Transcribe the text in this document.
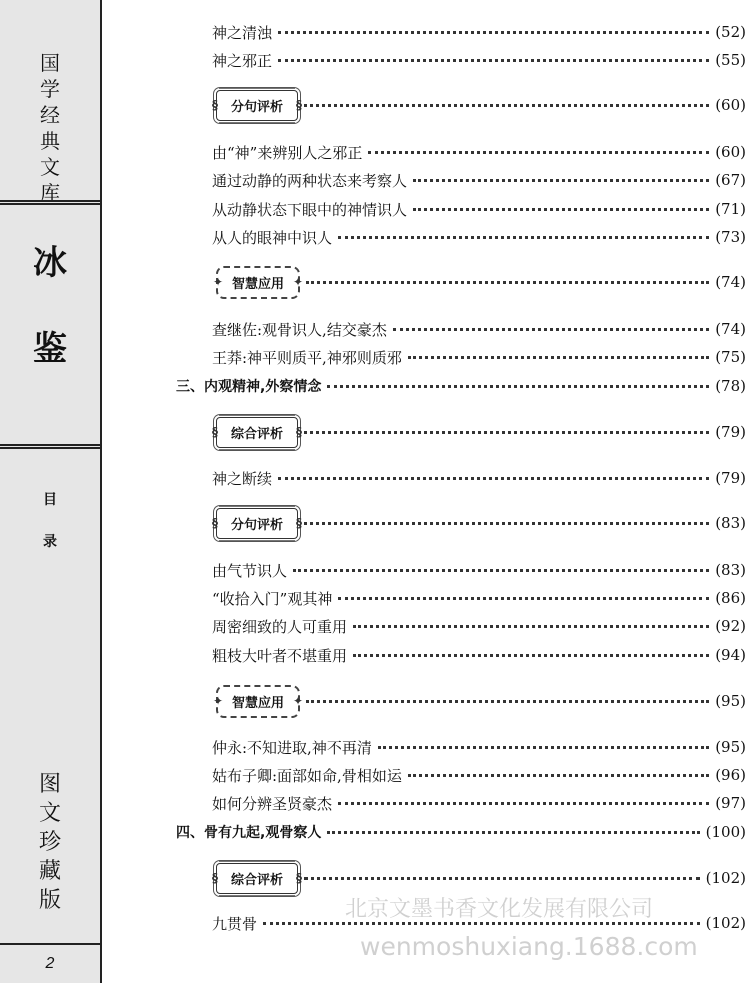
国
学
经
典
文
库
冰
鉴
目
录
图
文
珍
藏
版
2
神之清浊	(52)
神之邪正	(55)
§ 分句评析 §	(60)
由“神”来辨别人之邪正	(60)
通过动静的两种状态来考察人	(67)
从动静状态下眼中的神情识人	(71)
从人的眼神中识人	(73)
✦ 智慧应用 ✦	(74)
查继佐:观骨识人,结交豪杰	(74)
王莽:神平则质平,神邪则质邪	(75)
三、内观精神,外察情念	(78)
§ 综合评析 §	(79)
神之断续	(79)
§ 分句评析 §	(83)
由气节识人	(83)
“收拾入门”观其神	(86)
周密细致的人可重用	(92)
粗枝大叶者不堪重用	(94)
✦ 智慧应用 ✦	(95)
仲永:不知进取,神不再清	(95)
姑布子卿:面部如命,骨相如运	(96)
如何分辨圣贤豪杰	(97)
四、骨有九起,观骨察人	(100)
§ 综合评析 §	(102)
九贯骨	(102)
北京文墨书香文化发展有限公司
wenmoshuxiang.1688.com
